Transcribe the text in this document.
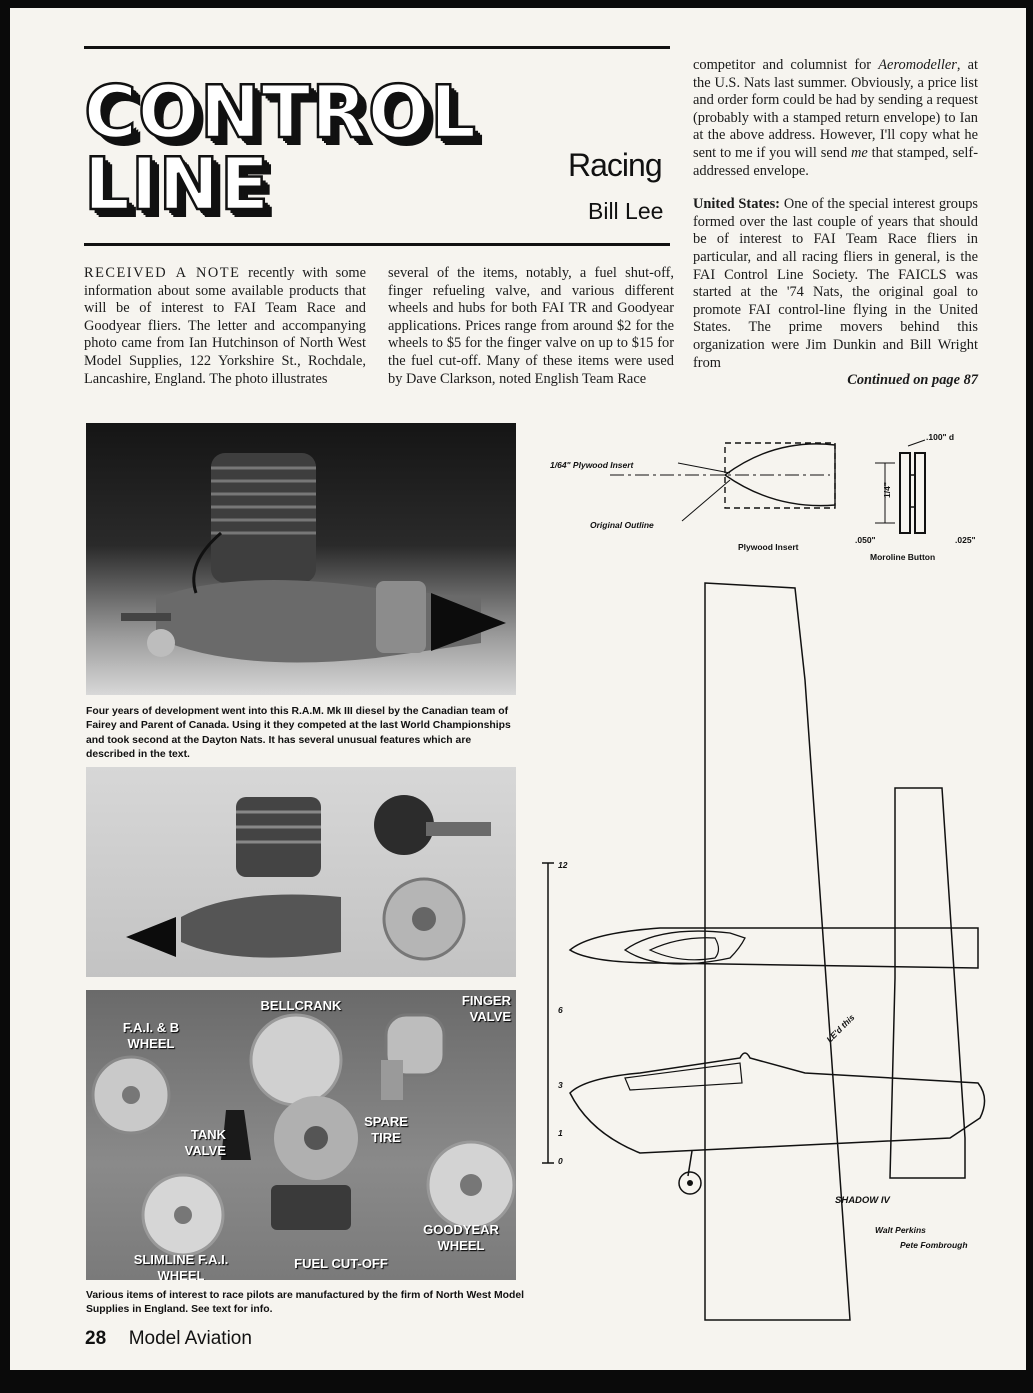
CONTROL
LINE	Racing
Bill Lee

RECEIVED A NOTE recently with some information about some available products that will be of interest to FAI Team Race and Goodyear fliers. The letter and accompanying photo came from Ian Hutchinson of North West Model Supplies, 122 Yorkshire St., Rochdale, Lancashire, England. The photo illustrates

several of the items, notably, a fuel shut-off, finger refueling valve, and various different wheels and hubs for both FAI TR and Goodyear applications. Prices range from around $2 for the wheels to $5 for the finger valve on up to $15 for the fuel cut-off. Many of these items were used by Dave Clarkson, noted English Team Race

competitor and columnist for Aeromodeller, at the U.S. Nats last summer. Obviously, a price list and order form could be had by sending a request (probably with a stamped return envelope) to Ian at the above address. However, I'll copy what he sent to me if you will send me that stamped, self-addressed envelope.

United States: One of the special interest groups formed over the last couple of years that should be of interest to FAI Team Race fliers in particular, and all racing fliers in general, is the FAI Control Line Society. The FAICLS was started at the '74 Nats, the original goal to promote FAI control-line flying in the United States. The prime movers behind this organization were Jim Dunkin and Bill Wright from

Continued on page 87

Four years of development went into this R.A.M. Mk III diesel by the Canadian team of Fairey and Parent of Canada. Using it they competed at the last World Championships and took second at the Dayton Nats. It has several unusual features which are described in the text.
F.A.I. & B WHEEL
BELLCRANK	FINGER VALVE
TANK VALVE
SPARE TIRE
SLIMLINE F.A.I. WHEEL
FUEL CUT-OFF
GOODYEAR WHEEL
Various items of interest to race pilots are manufactured by the firm of North West Model Supplies in England. See text for info.
1/64" Plywood Insert
Original Outline
Plywood Insert
.100" d
1/4"
.050"	.025"
Moroline Button
12
6
3
1
0
LE'd this
SHADOW IV
Walt Perkins
Pete Fombrough
28 Model Aviation
